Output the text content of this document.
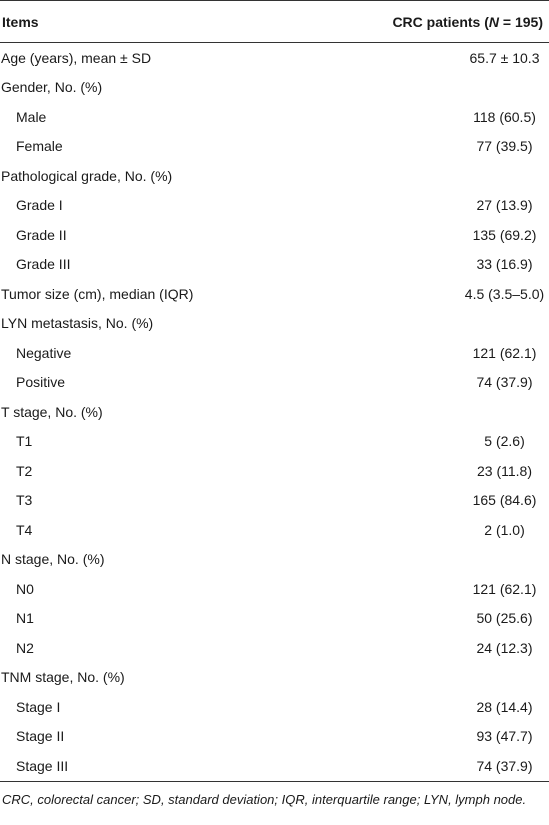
Items	CRC patients (N = 195)
Age (years), mean ± SD	65.7 ± 10.3
Gender, No. (%)	
Male	118 (60.5)
Female	77 (39.5)
Pathological grade, No. (%)	
Grade I	27 (13.9)
Grade II	135 (69.2)
Grade III	33 (16.9)
Tumor size (cm), median (IQR)	4.5 (3.5–5.0)
LYN metastasis, No. (%)	
Negative	121 (62.1)
Positive	74 (37.9)
T stage, No. (%)	
T1	5 (2.6)
T2	23 (11.8)
T3	165 (84.6)
T4	2 (1.0)
N stage, No. (%)	
N0	121 (62.1)
N1	50 (25.6)
N2	24 (12.3)
TNM stage, No. (%)	
Stage I	28 (14.4)
Stage II	93 (47.7)
Stage III	74 (37.9)
CRC, colorectal cancer; SD, standard deviation; IQR, interquartile range; LYN, lymph node.
